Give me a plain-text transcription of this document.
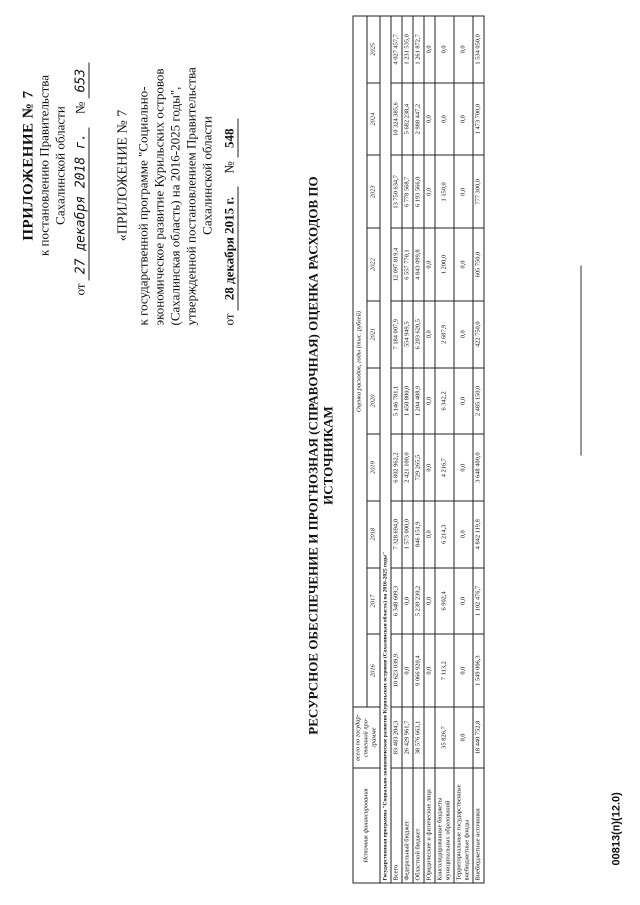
ПРИЛОЖЕНИЕ № 7 к постановлению Правительства Сахалинской области
от 27 декабря 2018 г. № 653
«ПРИЛОЖЕНИЕ № 7 к государственной программе "Социально- экономическое развитие Курильских островов (Сахалинская область) на 2016-2025 годы", утвержденной постановлением Правительства Сахалинской области
от 28 декабря 2015 г. № 548
РЕСУРСНОЕ ОБЕСПЕЧЕНИЕ И ПРОГНОЗНАЯ (СПРАВОЧНАЯ) ОЦЕНКА РАСХОДОВ ПО ИСТОЧНИКАМ
Источник финансирования	всего по государ-ственной про-грамме	Оценка расходов, годы (тыс. рублей)									
		2016	2017	2018	2019	2020	2021	2022	2023	2024	2025
Государственная программа "Социально-экономическое развитие Курильских островов (Сахалинская область) на 2016-2025 годы"											
Всего	83 483 204,3	10 623 039,9	6 348 609,3	7 328 694,0	6 802 962,2	5 146 781,1	7 184 007,9	12 097 819,4	13 750 634,7	10 324 385,6	4 027 457,7
Федеральный бюджет	26 429 961,7	0,0	0,0	1 573 000,0	2 421 100,0	1 450 800,0	554 949,5	6 557 770,1	6 778 568,7	5 682 238,4	1 231 535,0
Областной бюджет	38 576 663,1	9 066 920,4	5 239 230,2	846 151,9	729 265,5	1 204 488,9	6 203 620,5	4 843 099,8	6 193 566,0	2 988 447,2	1 261 872,7
Юридические и физические лица		0,0	0,0	0,0	0,0	0,0	0,0	0,0	0,0	0,0	0,0
Консолидированные бюджеты муниципальных образований	35 826,7	7 113,2	6 902,4	6 214,3	4 216,7	6 342,2	2 687,9	1 200,0	1 150,0	0,0	0,0
Территориальные государственные внебюджетные фонды	0,0	0,0	0,0	0,0	0,0	0,0	0,0	0,0	0,0	0,0	0,0
Внебюджетные источники	18 440 752,8	1 549 006,3	1 102 476,7	4 842 119,8	3 648 400,0	2 485 150,0	422 750,0	605 750,0	777 300,0	1 473 700,0	1 534 050,0
00813(п)(12.0)
